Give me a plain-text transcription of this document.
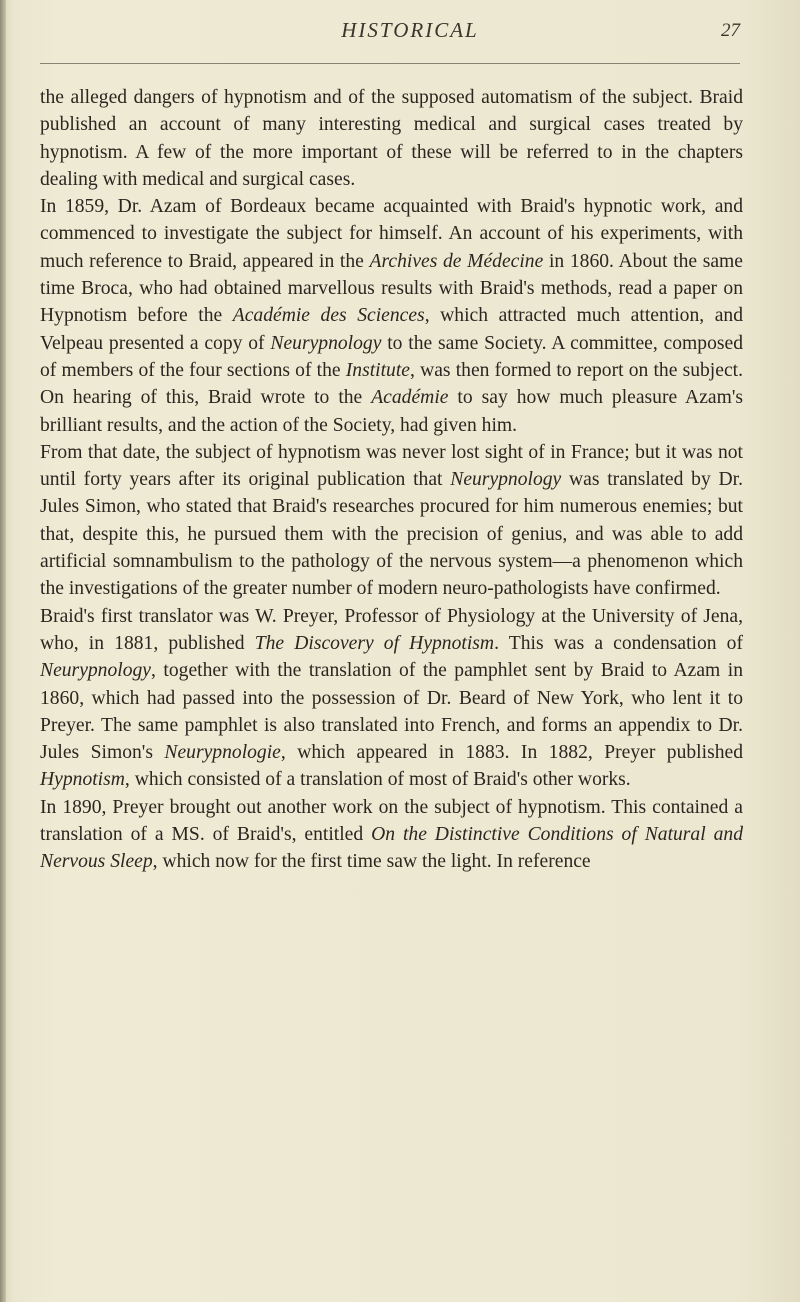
HISTORICAL	27

the alleged dangers of hypnotism and of the supposed automatism of the subject. Braid published an account of many interesting medical and surgical cases treated by hypnotism. A few of the more important of these will be referred to in the chapters dealing with medical and surgical cases.

In 1859, Dr. Azam of Bordeaux became acquainted with Braid's hypnotic work, and commenced to investigate the subject for himself. An account of his experiments, with much reference to Braid, appeared in the Archives de Médecine in 1860. About the same time Broca, who had obtained marvellous results with Braid's methods, read a paper on Hypnotism before the Académie des Sciences, which attracted much attention, and Velpeau presented a copy of Neurypnology to the same Society. A committee, composed of members of the four sections of the Institute, was then formed to report on the subject. On hearing of this, Braid wrote to the Académie to say how much pleasure Azam's brilliant results, and the action of the Society, had given him.

From that date, the subject of hypnotism was never lost sight of in France; but it was not until forty years after its original publication that Neurypnology was translated by Dr. Jules Simon, who stated that Braid's researches procured for him numerous enemies; but that, despite this, he pursued them with the precision of genius, and was able to add artificial somnambulism to the pathology of the nervous system—a phenomenon which the investigations of the greater number of modern neuro-pathologists have confirmed.

Braid's first translator was W. Preyer, Professor of Physiology at the University of Jena, who, in 1881, published The Discovery of Hypnotism. This was a condensation of Neurypnology, together with the translation of the pamphlet sent by Braid to Azam in 1860, which had passed into the possession of Dr. Beard of New York, who lent it to Preyer. The same pamphlet is also translated into French, and forms an appendix to Dr. Jules Simon's Neurypnologie, which appeared in 1883. In 1882, Preyer published Hypnotism, which consisted of a translation of most of Braid's other works.

In 1890, Preyer brought out another work on the subject of hypnotism. This contained a translation of a MS. of Braid's, entitled On the Distinctive Conditions of Natural and Nervous Sleep, which now for the first time saw the light. In reference
